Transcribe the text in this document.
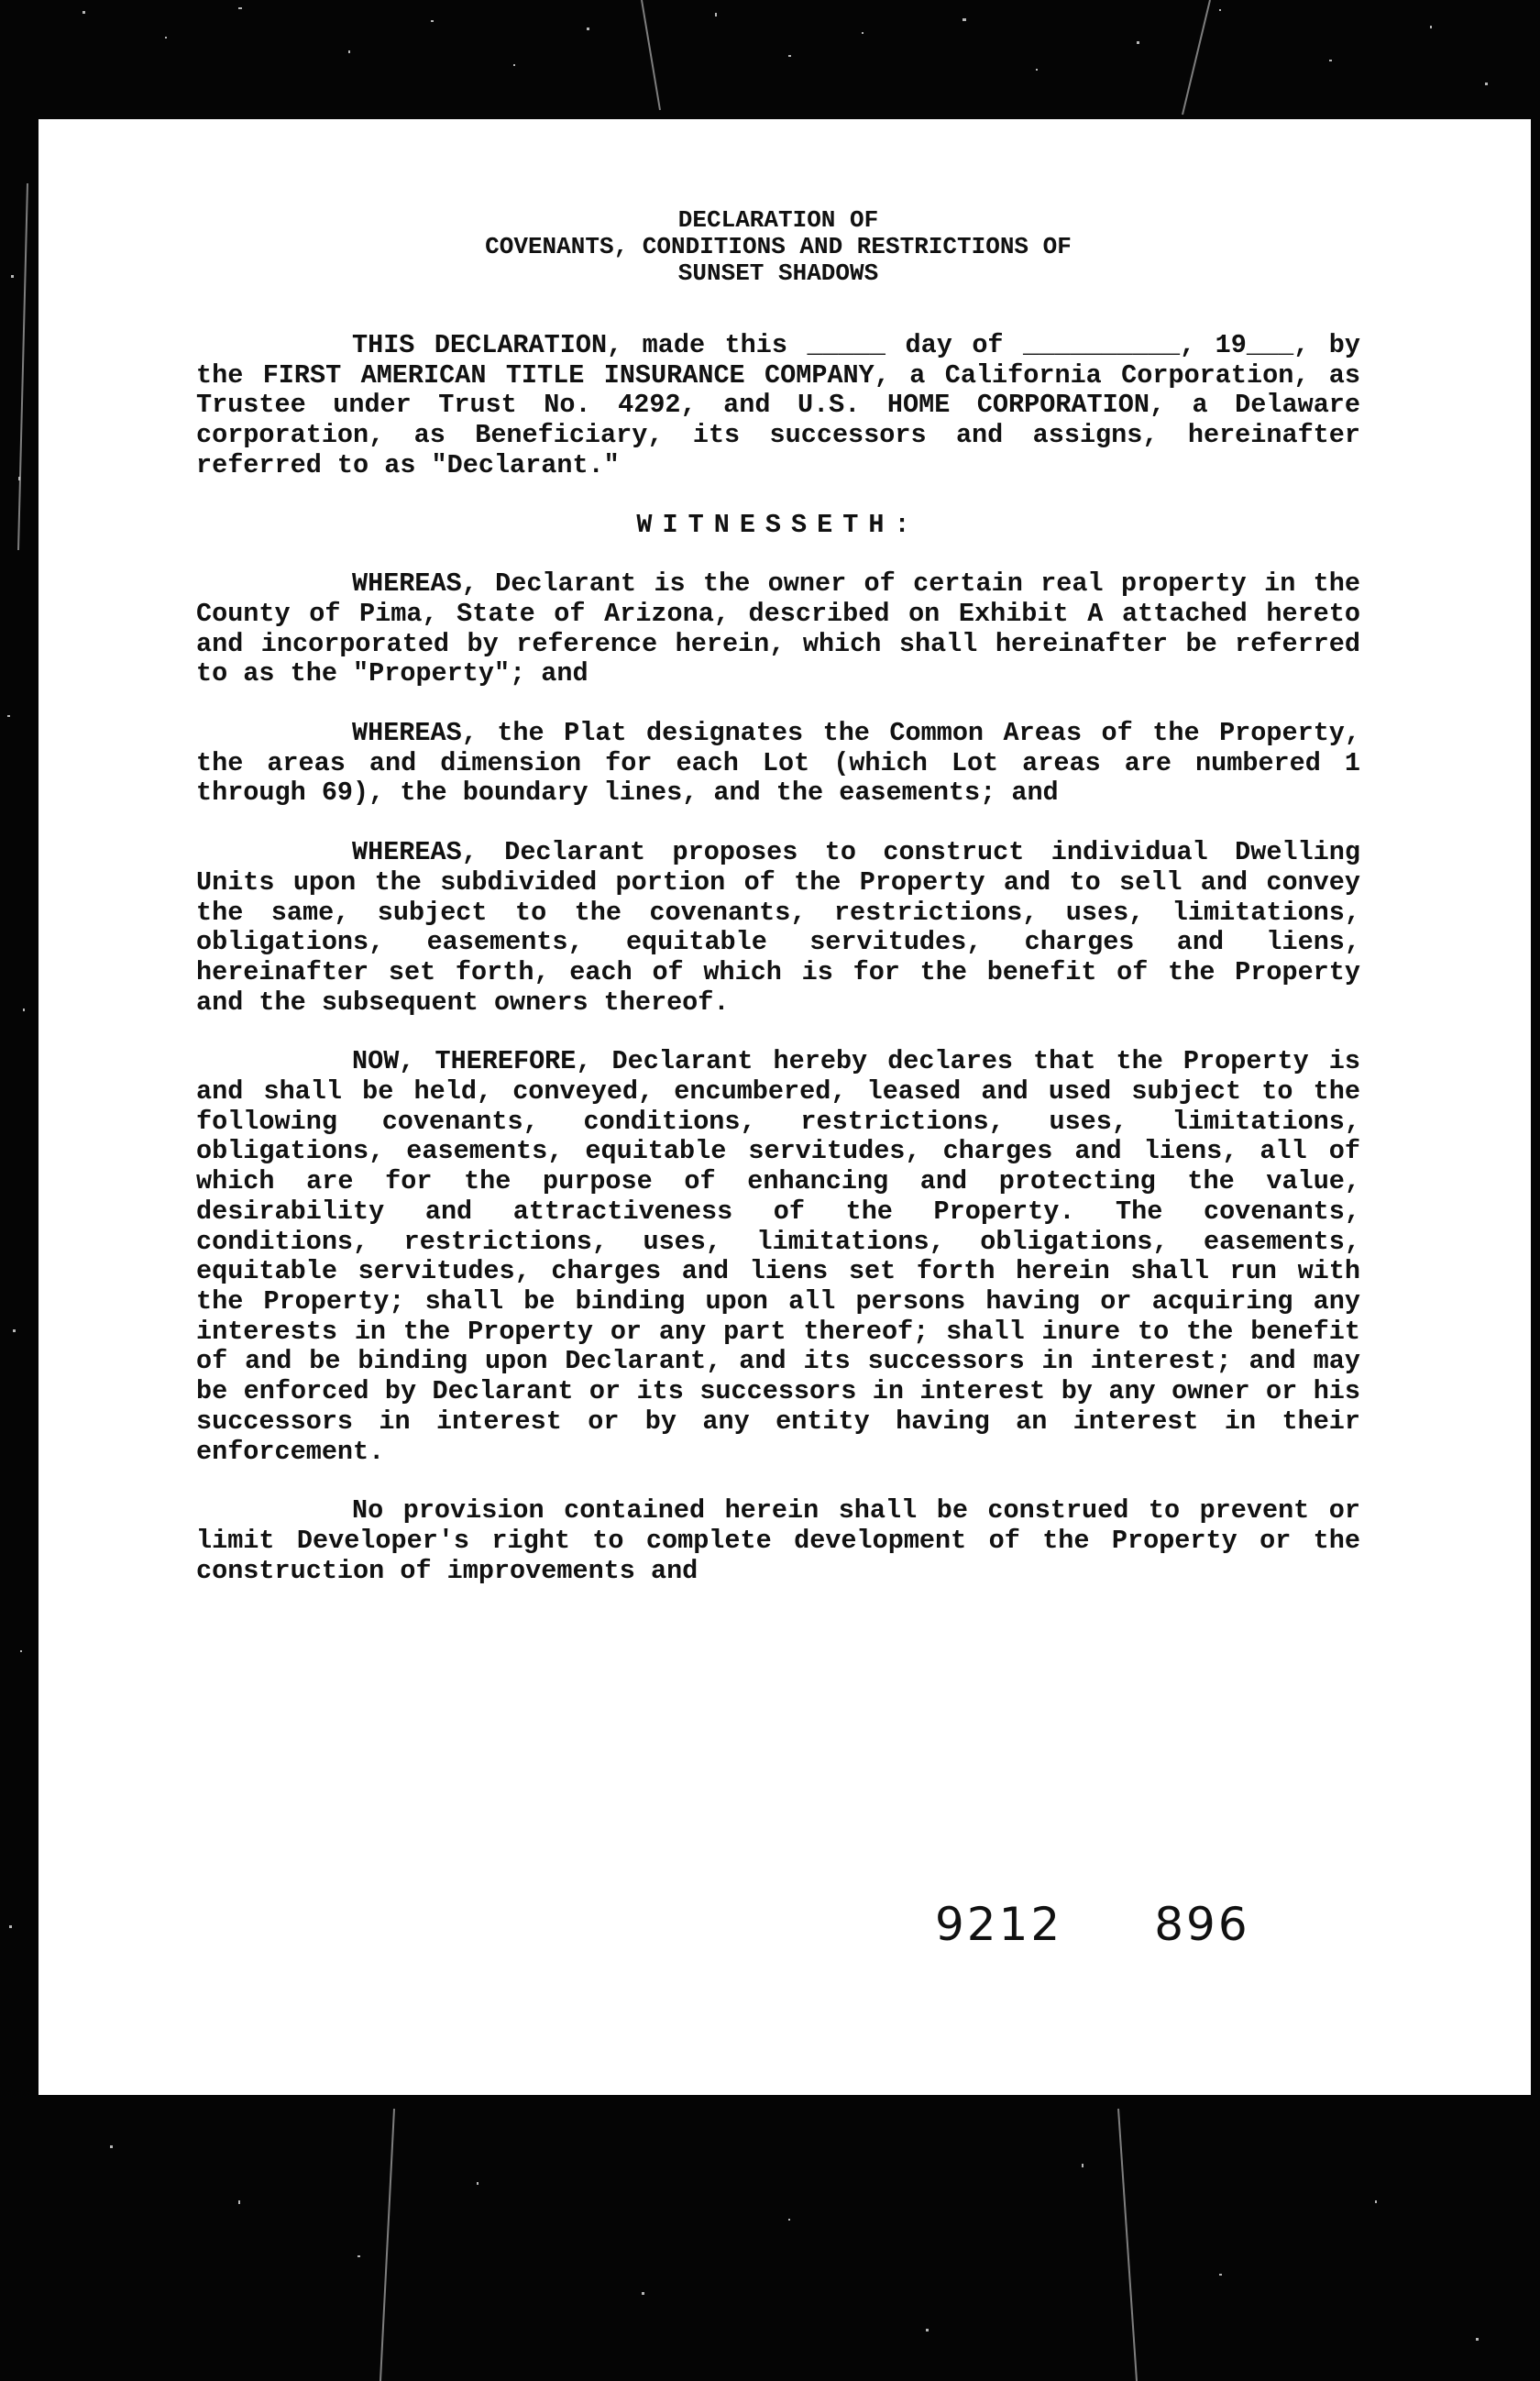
DECLARATION OF
COVENANTS, CONDITIONS AND RESTRICTIONS OF
SUNSET SHADOWS
THIS DECLARATION, made this _____ day of __________, 19___, by the FIRST AMERICAN TITLE INSURANCE COMPANY, a California Corporation, as Trustee under Trust No. 4292, and U.S. HOME CORPORATION, a Delaware corporation, as Beneficiary, its successors and assigns, hereinafter referred to as "Declarant."
WITNESSETH:
WHEREAS, Declarant is the owner of certain real property in the County of Pima, State of Arizona, described on Exhibit A attached hereto and incorporated by reference herein, which shall hereinafter be referred to as the "Property"; and
WHEREAS, the Plat designates the Common Areas of the Property, the areas and dimension for each Lot (which Lot areas are numbered 1 through 69), the boundary lines, and the easements; and
WHEREAS, Declarant proposes to construct individual Dwelling Units upon the subdivided portion of the Property and to sell and convey the same, subject to the covenants, restrictions, uses, limitations, obligations, easements, equitable servitudes, charges and liens, hereinafter set forth, each of which is for the benefit of the Property and the subsequent owners thereof.
NOW, THEREFORE, Declarant hereby declares that the Property is and shall be held, conveyed, encumbered, leased and used subject to the following covenants, conditions, restrictions, uses, limitations, obligations, easements, equitable servitudes, charges and liens, all of which are for the purpose of enhancing and protecting the value, desirability and attractiveness of the Property. The covenants, conditions, restrictions, uses, limitations, obligations, easements, equitable servitudes, charges and liens set forth herein shall run with the Property; shall be binding upon all persons having or acquiring any interests in the Property or any part thereof; shall inure to the benefit of and be binding upon Declarant, and its successors in interest; and may be enforced by Declarant or its successors in interest by any owner or his successors in interest or by any entity having an interest in their enforcement.
No provision contained herein shall be construed to prevent or limit Developer's right to complete development of the Property or the construction of improvements and
9212 896
